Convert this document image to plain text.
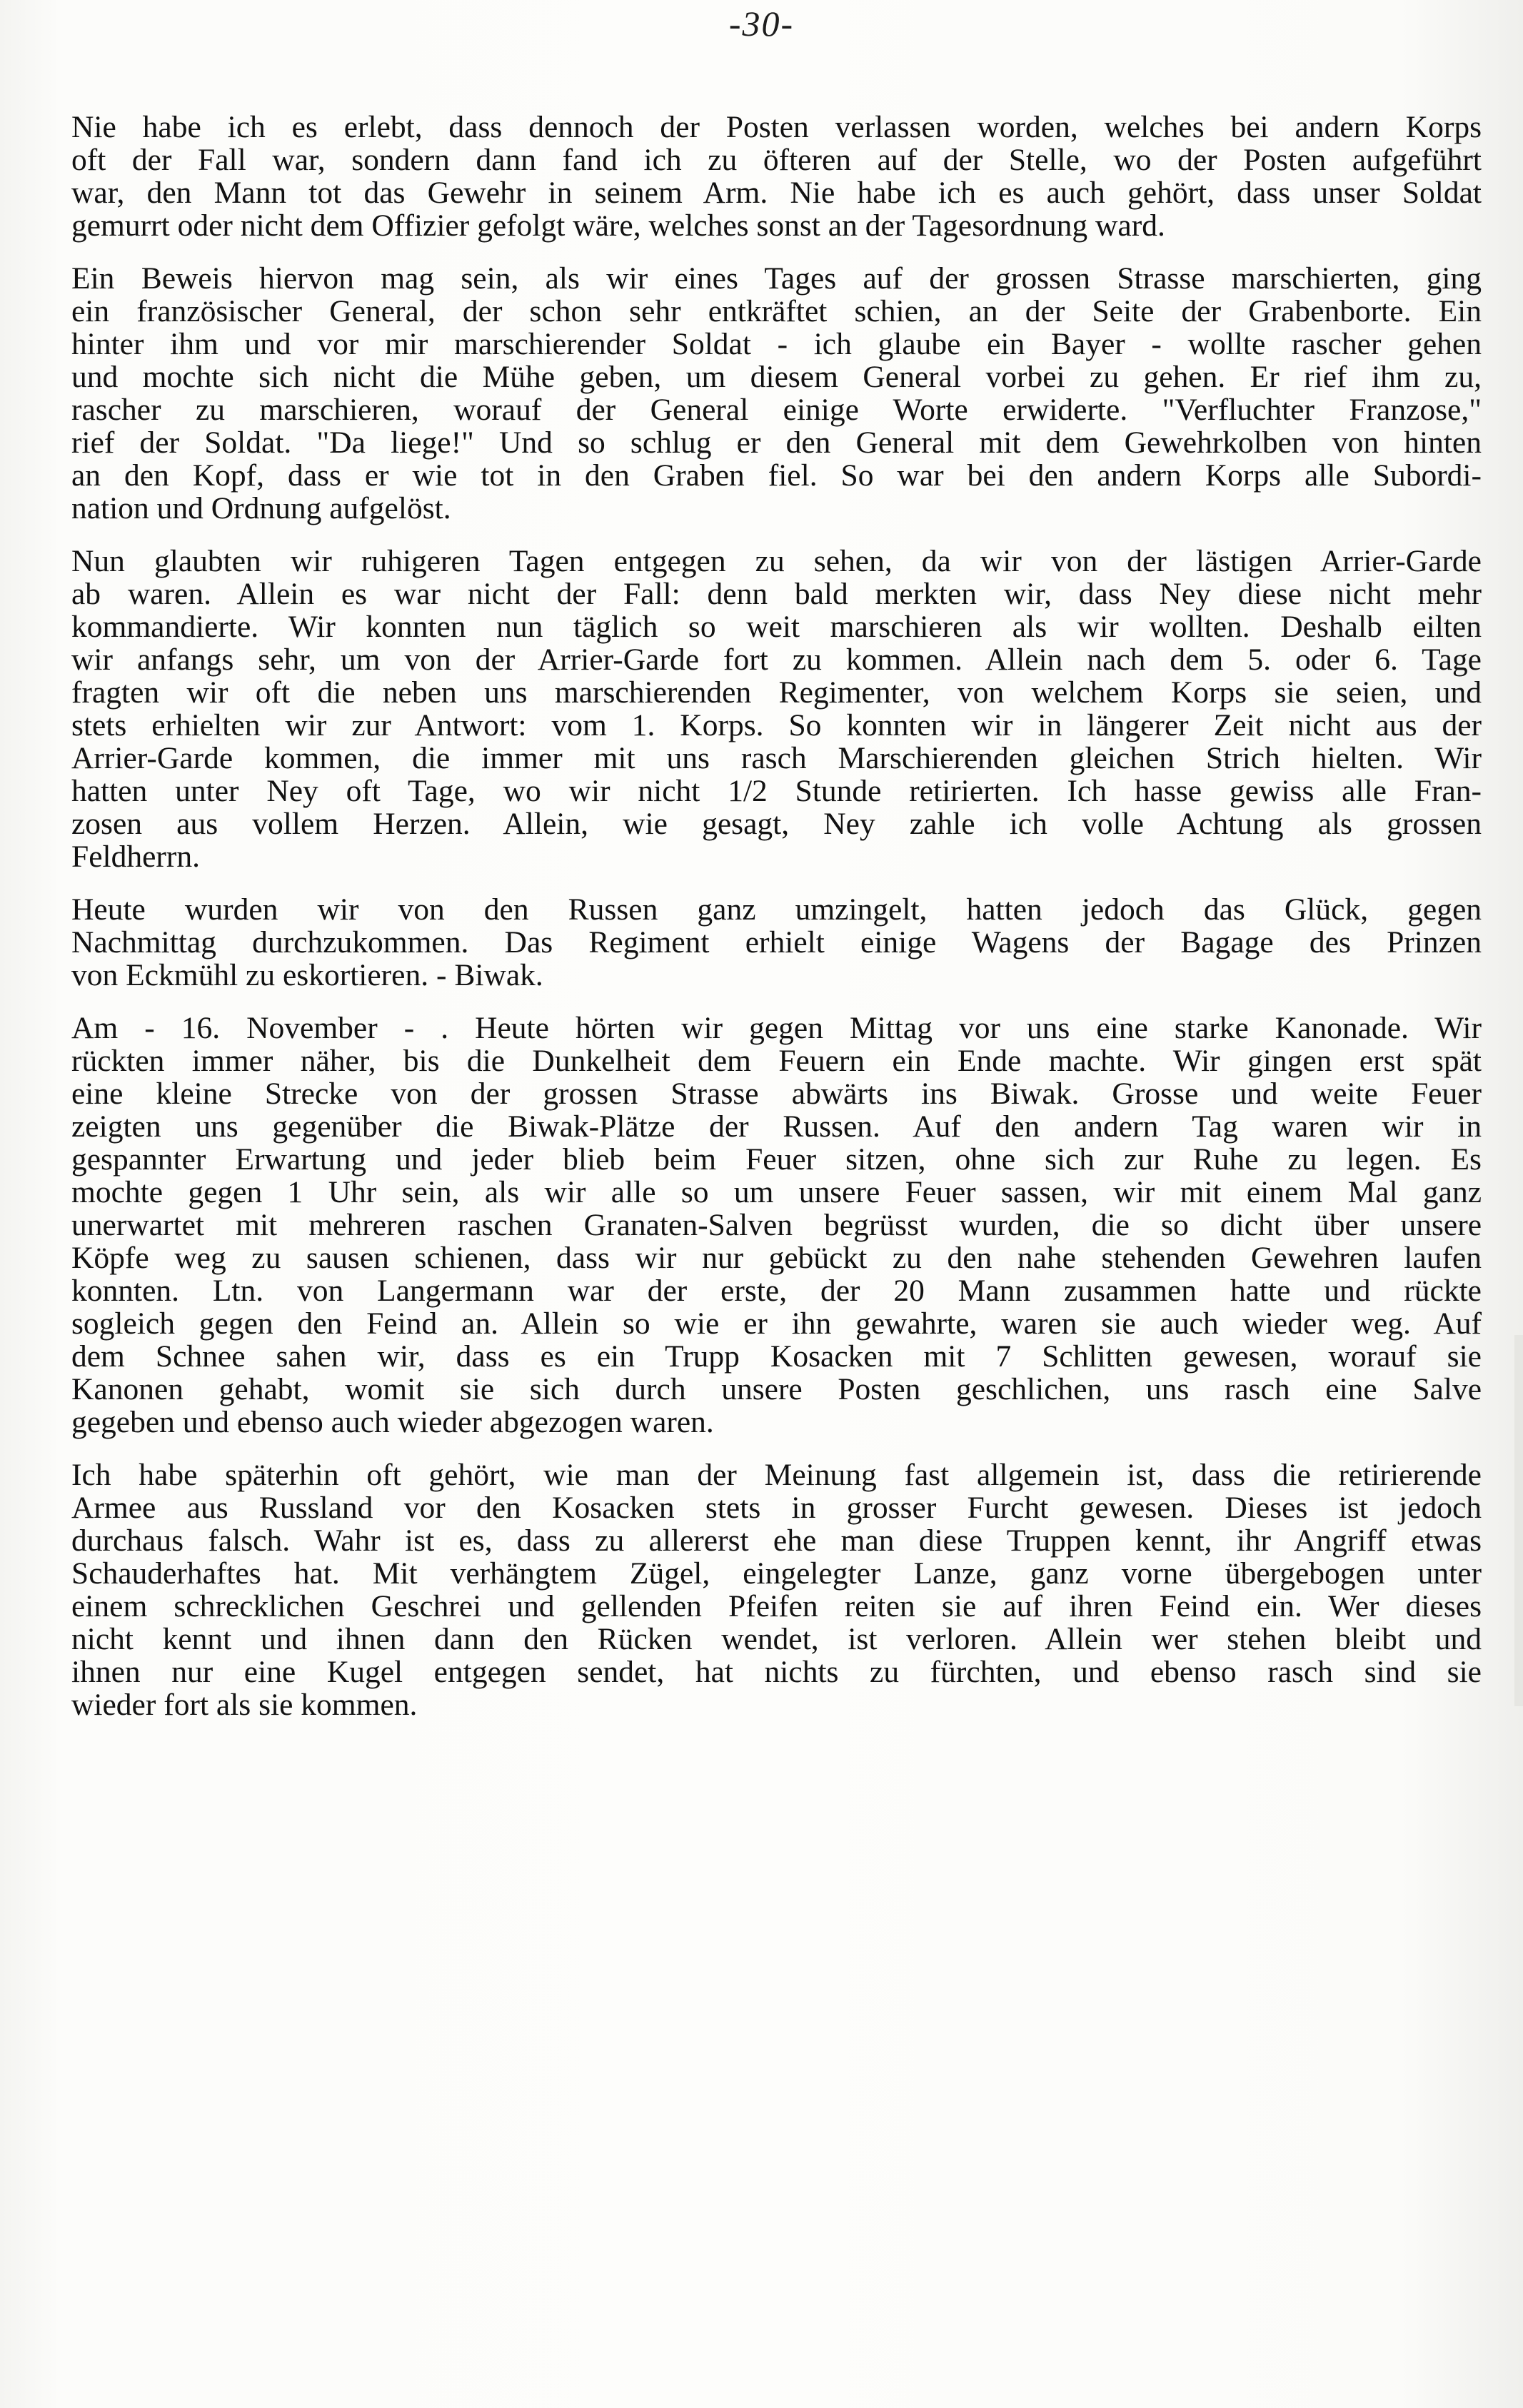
-30-

Nie habe ich es erlebt, dass dennoch der Posten verlassen worden, welches bei andern Korps
oft der Fall war, sondern dann fand ich zu öfteren auf der Stelle, wo der Posten aufgeführt
war, den Mann tot das Gewehr in seinem Arm. Nie habe ich es auch gehört, dass unser Soldat
gemurrt oder nicht dem Offizier gefolgt wäre, welches sonst an der Tagesordnung ward.

Ein Beweis hiervon mag sein, als wir eines Tages auf der grossen Strasse marschierten, ging
ein französischer General, der schon sehr entkräftet schien, an der Seite der Grabenborte. Ein
hinter ihm und vor mir marschierender Soldat - ich glaube ein Bayer - wollte rascher gehen
und mochte sich nicht die Mühe geben, um diesem General vorbei zu gehen. Er rief ihm zu,
rascher zu marschieren, worauf der General einige Worte erwiderte. "Verfluchter Franzose,"
rief der Soldat. "Da liege!" Und so schlug er den General mit dem Gewehrkolben von hinten
an den Kopf, dass er wie tot in den Graben fiel. So war bei den andern Korps alle Subordi-
nation und Ordnung aufgelöst.

Nun glaubten wir ruhigeren Tagen entgegen zu sehen, da wir von der lästigen Arrier-Garde
ab waren. Allein es war nicht der Fall: denn bald merkten wir, dass Ney diese nicht mehr
kommandierte. Wir konnten nun täglich so weit marschieren als wir wollten. Deshalb eilten
wir anfangs sehr, um von der Arrier-Garde fort zu kommen. Allein nach dem 5. oder 6. Tage
fragten wir oft die neben uns marschierenden Regimenter, von welchem Korps sie seien, und
stets erhielten wir zur Antwort: vom 1. Korps. So konnten wir in längerer Zeit nicht aus der
Arrier-Garde kommen, die immer mit uns rasch Marschierenden gleichen Strich hielten. Wir
hatten unter Ney oft Tage, wo wir nicht 1/2 Stunde retirierten. Ich hasse gewiss alle Fran-
zosen aus vollem Herzen. Allein, wie gesagt, Ney zahle ich volle Achtung als grossen
Feldherrn.

Heute wurden wir von den Russen ganz umzingelt, hatten jedoch das Glück, gegen
Nachmittag durchzukommen. Das Regiment erhielt einige Wagens der Bagage des Prinzen
von Eckmühl zu eskortieren. - Biwak.

Am - 16. November - . Heute hörten wir gegen Mittag vor uns eine starke Kanonade. Wir
rückten immer näher, bis die Dunkelheit dem Feuern ein Ende machte. Wir gingen erst spät
eine kleine Strecke von der grossen Strasse abwärts ins Biwak. Grosse und weite Feuer
zeigten uns gegenüber die Biwak-Plätze der Russen. Auf den andern Tag waren wir in
gespannter Erwartung und jeder blieb beim Feuer sitzen, ohne sich zur Ruhe zu legen. Es
mochte gegen 1 Uhr sein, als wir alle so um unsere Feuer sassen, wir mit einem Mal ganz
unerwartet mit mehreren raschen Granaten-Salven begrüsst wurden, die so dicht über unsere
Köpfe weg zu sausen schienen, dass wir nur gebückt zu den nahe stehenden Gewehren laufen
konnten. Ltn. von Langermann war der erste, der 20 Mann zusammen hatte und rückte
sogleich gegen den Feind an. Allein so wie er ihn gewahrte, waren sie auch wieder weg. Auf
dem Schnee sahen wir, dass es ein Trupp Kosacken mit 7 Schlitten gewesen, worauf sie
Kanonen gehabt, womit sie sich durch unsere Posten geschlichen, uns rasch eine Salve
gegeben und ebenso auch wieder abgezogen waren.

Ich habe späterhin oft gehört, wie man der Meinung fast allgemein ist, dass die retirierende
Armee aus Russland vor den Kosacken stets in grosser Furcht gewesen. Dieses ist jedoch
durchaus falsch. Wahr ist es, dass zu allererst ehe man diese Truppen kennt, ihr Angriff etwas
Schauderhaftes hat. Mit verhängtem Zügel, eingelegter Lanze, ganz vorne übergebogen unter
einem schrecklichen Geschrei und gellenden Pfeifen reiten sie auf ihren Feind ein. Wer dieses
nicht kennt und ihnen dann den Rücken wendet, ist verloren. Allein wer stehen bleibt und
ihnen nur eine Kugel entgegen sendet, hat nichts zu fürchten, und ebenso rasch sind sie
wieder fort als sie kommen.
